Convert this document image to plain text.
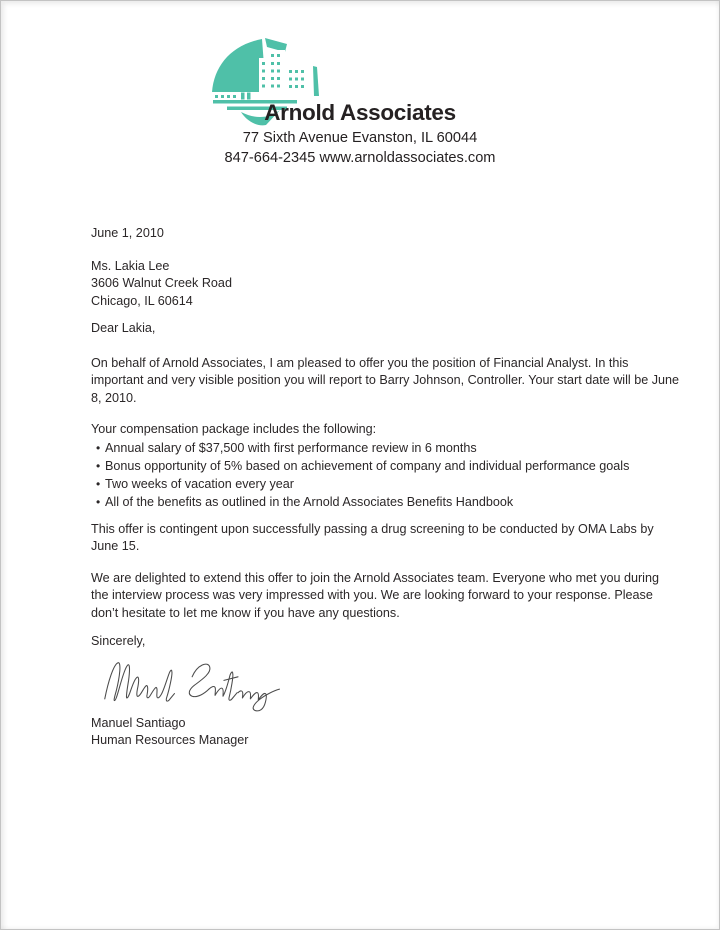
Arnold Associates
77 Sixth Avenue Evanston, IL 60044
847-664-2345 www.arnoldassociates.com
June 1, 2010
Ms. Lakia Lee
3606 Walnut Creek Road
Chicago, IL 60614
Dear Lakia,

On behalf of Arnold Associates, I am pleased to offer you the position of Financial Analyst. In this important and very visible position you will report to Barry Johnson, Controller. Your start date will be June 8, 2010.

Your compensation package includes the following:
• Annual salary of $37,500 with first performance review in 6 months
• Bonus opportunity of 5% based on achievement of company and individual performance goals
• Two weeks of vacation every year
• All of the benefits as outlined in the Arnold Associates Benefits Handbook

This offer is contingent upon successfully passing a drug screening to be conducted by OMA Labs by June 15.

We are delighted to extend this offer to join the Arnold Associates team. Everyone who met you during the interview process was very impressed with you. We are looking forward to your response. Please don’t hesitate to let me know if you have any questions.

Sincerely,
Manuel Santiago
Human Resources Manager
